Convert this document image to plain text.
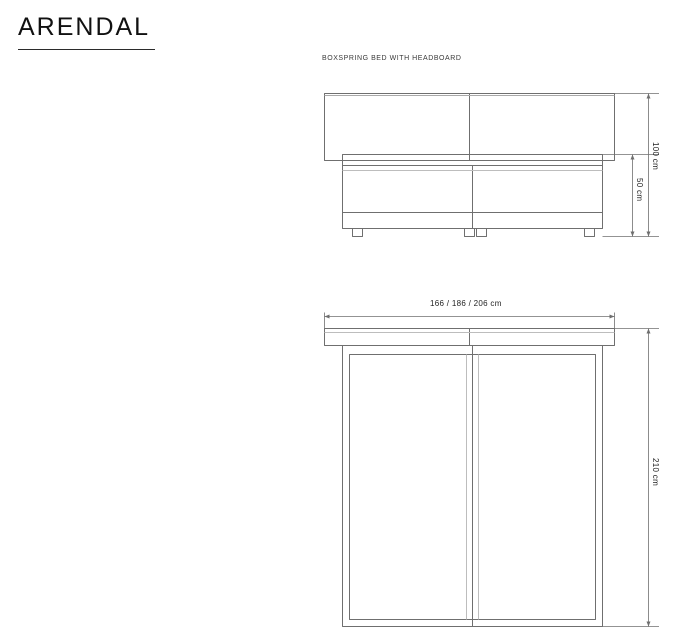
ARENDAL
BOXSPRING BED WITH HEADBOARD
100 cm
50 cm
166 / 186 / 206 cm
210 cm
